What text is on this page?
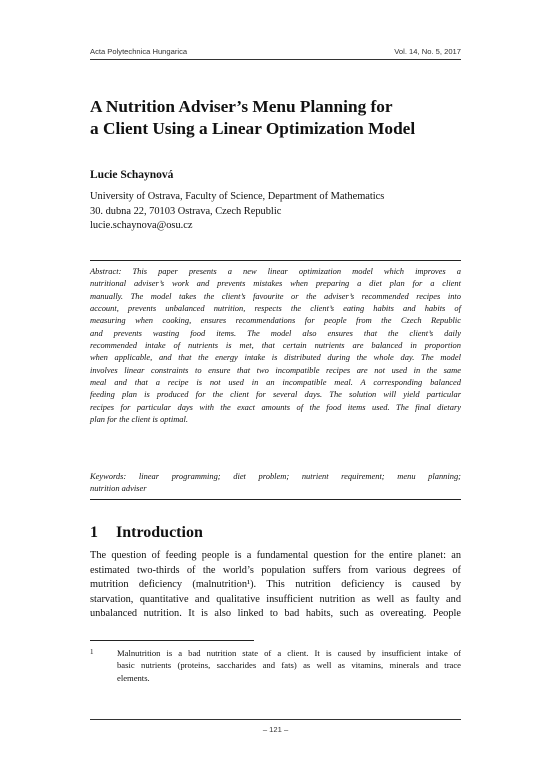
Acta Polytechnica Hungarica	Vol. 14, No. 5, 2017
A Nutrition Adviser’s Menu Planning for
a Client Using a Linear Optimization Model
Lucie Schaynová
University of Ostrava, Faculty of Science, Department of Mathematics
30. dubna 22, 70103 Ostrava, Czech Republic
lucie.schaynova@osu.cz
Abstract: This paper presents a new linear optimization model which improves a
nutritional adviser’s work and prevents mistakes when preparing a diet plan for a client
manually. The model takes the client’s favourite or the adviser’s recommended recipes into
account, prevents unbalanced nutrition, respects the client’s eating habits and habits of
measuring when cooking, ensures recommendations for people from the Czech Republic
and prevents wasting food items. The model also ensures that the client’s daily
recommended intake of nutrients is met, that certain nutrients are balanced in proportion
when applicable, and that the energy intake is distributed during the whole day. The model
involves linear constraints to ensure that two incompatible recipes are not used in the same
meal and that a recipe is not used in an incompatible meal. A corresponding balanced
feeding plan is produced for the client for several days. The solution will yield particular
recipes for particular days with the exact amounts of the food items used. The final dietary
plan for the client is optimal.
Keywords: linear programming; diet problem; nutrient requirement; menu planning;
nutrition adviser
1 Introduction
The question of feeding people is a fundamental question for the entire planet: an
estimated two-thirds of the world’s population suffers from various degrees of
mutrition deficiency (malnutrition¹). This nutrition deficiency is caused by
starvation, quantitative and qualitative insufficient nutrition as well as faulty and
unbalanced nutrition. It is also linked to bad habits, such as overeating. People
1	Malnutrition is a bad nutrition state of a client. It is caused by insufficient intake of
basic nutrients (proteins, saccharides and fats) as well as vitamins, minerals and trace
elements.
– 121 –
